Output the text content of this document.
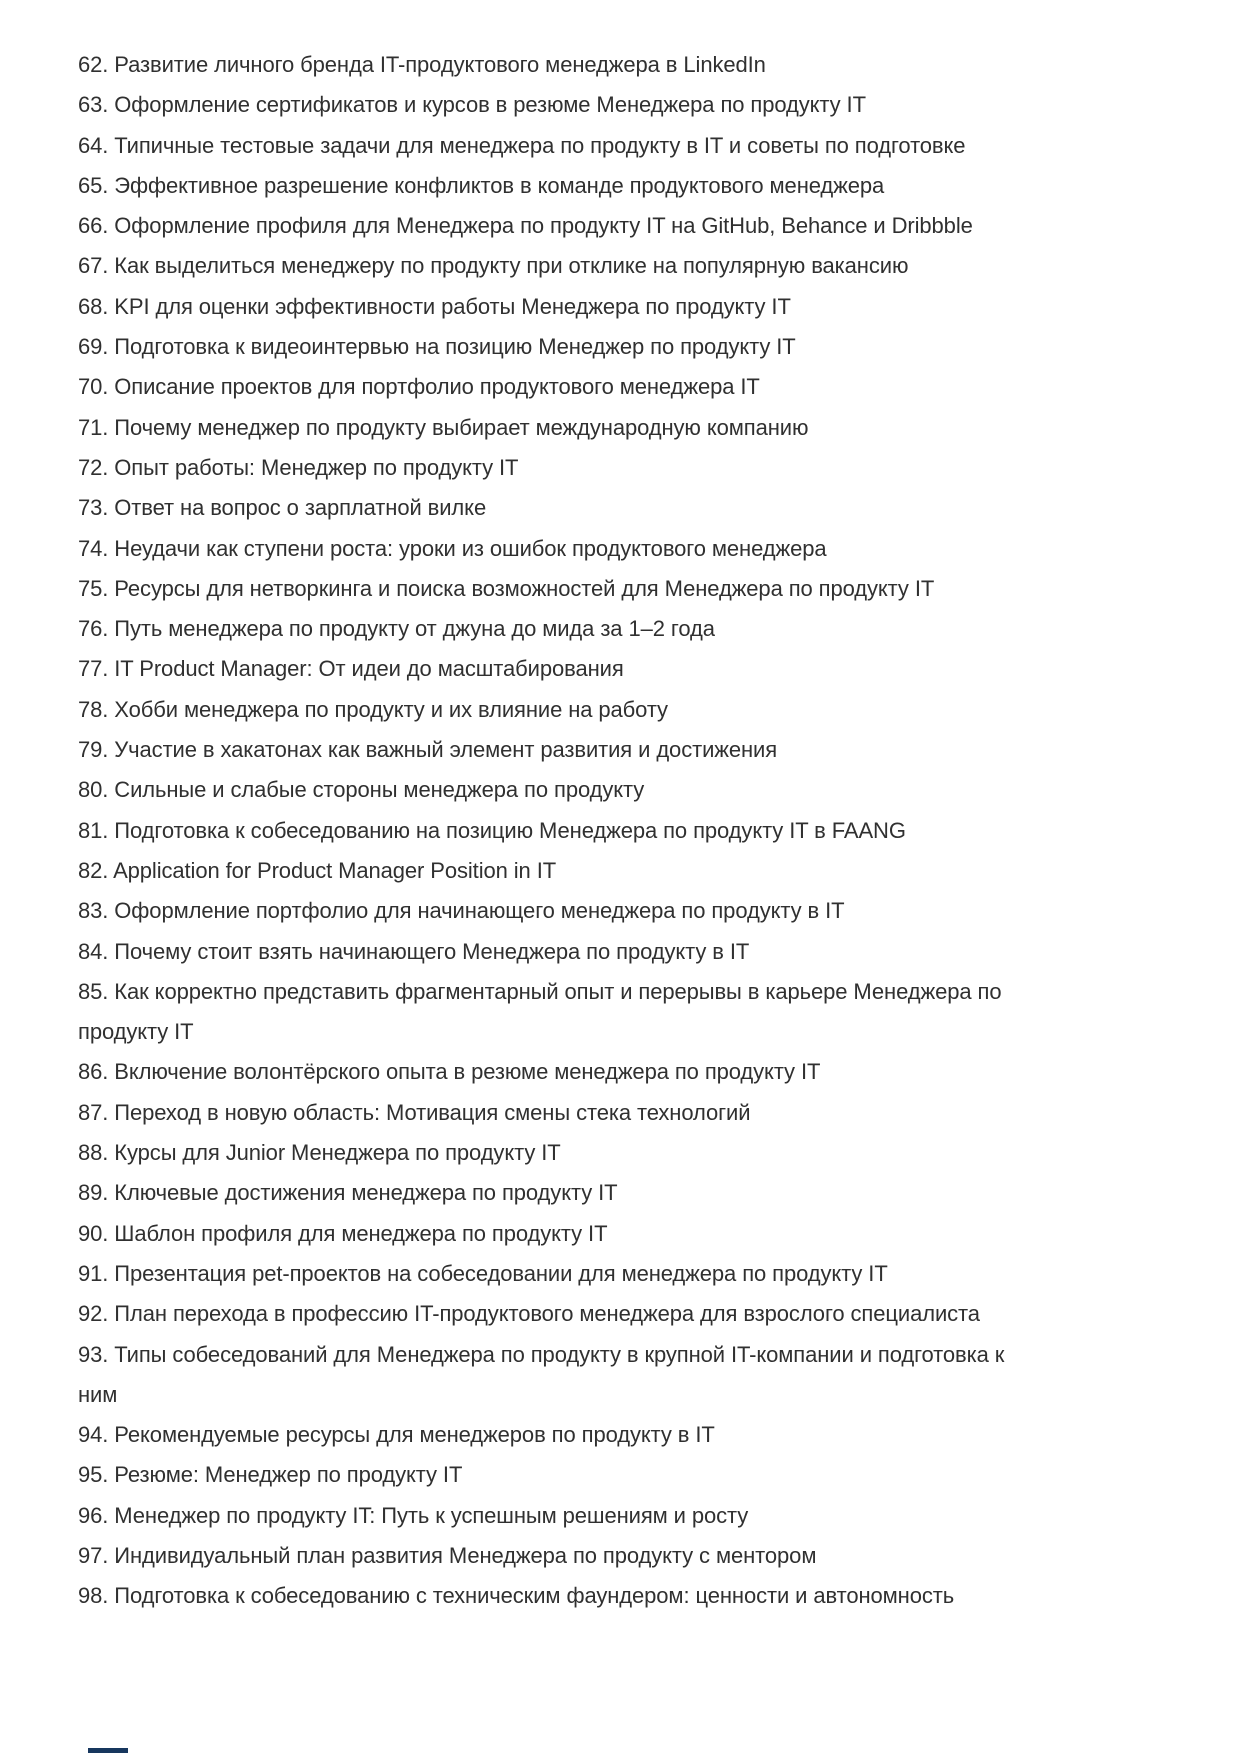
62. Развитие личного бренда IT-продуктового менеджера в LinkedIn
63. Оформление сертификатов и курсов в резюме Менеджера по продукту IT
64. Типичные тестовые задачи для менеджера по продукту в IT и советы по подготовке
65. Эффективное разрешение конфликтов в команде продуктового менеджера
66. Оформление профиля для Менеджера по продукту IT на GitHub, Behance и Dribbble
67. Как выделиться менеджеру по продукту при отклике на популярную вакансию
68. KPI для оценки эффективности работы Менеджера по продукту IT
69. Подготовка к видеоинтервью на позицию Менеджер по продукту IT
70. Описание проектов для портфолио продуктового менеджера IT
71. Почему менеджер по продукту выбирает международную компанию
72. Опыт работы: Менеджер по продукту IT
73. Ответ на вопрос о зарплатной вилке
74. Неудачи как ступени роста: уроки из ошибок продуктового менеджера
75. Ресурсы для нетворкинга и поиска возможностей для Менеджера по продукту IT
76. Путь менеджера по продукту от джуна до мида за 1–2 года
77. IT Product Manager: От идеи до масштабирования
78. Хобби менеджера по продукту и их влияние на работу
79. Участие в хакатонах как важный элемент развития и достижения
80. Сильные и слабые стороны менеджера по продукту
81. Подготовка к собеседованию на позицию Менеджера по продукту IT в FAANG
82. Application for Product Manager Position in IT
83. Оформление портфолио для начинающего менеджера по продукту в IT
84. Почему стоит взять начинающего Менеджера по продукту в IT
85. Как корректно представить фрагментарный опыт и перерывы в карьере Менеджера по
продукту IT
86. Включение волонтёрского опыта в резюме менеджера по продукту IT
87. Переход в новую область: Мотивация смены стека технологий
88. Курсы для Junior Менеджера по продукту IT
89. Ключевые достижения менеджера по продукту IT
90. Шаблон профиля для менеджера по продукту IT
91. Презентация pet-проектов на собеседовании для менеджера по продукту IT
92. План перехода в профессию IT-продуктового менеджера для взрослого специалиста
93. Типы собеседований для Менеджера по продукту в крупной IT-компании и подготовка к
ним
94. Рекомендуемые ресурсы для менеджеров по продукту в IT
95. Резюме: Менеджер по продукту IT
96. Менеджер по продукту IT: Путь к успешным решениям и росту
97. Индивидуальный план развития Менеджера по продукту с ментором
98. Подготовка к собеседованию с техническим фаундером: ценности и автономность
